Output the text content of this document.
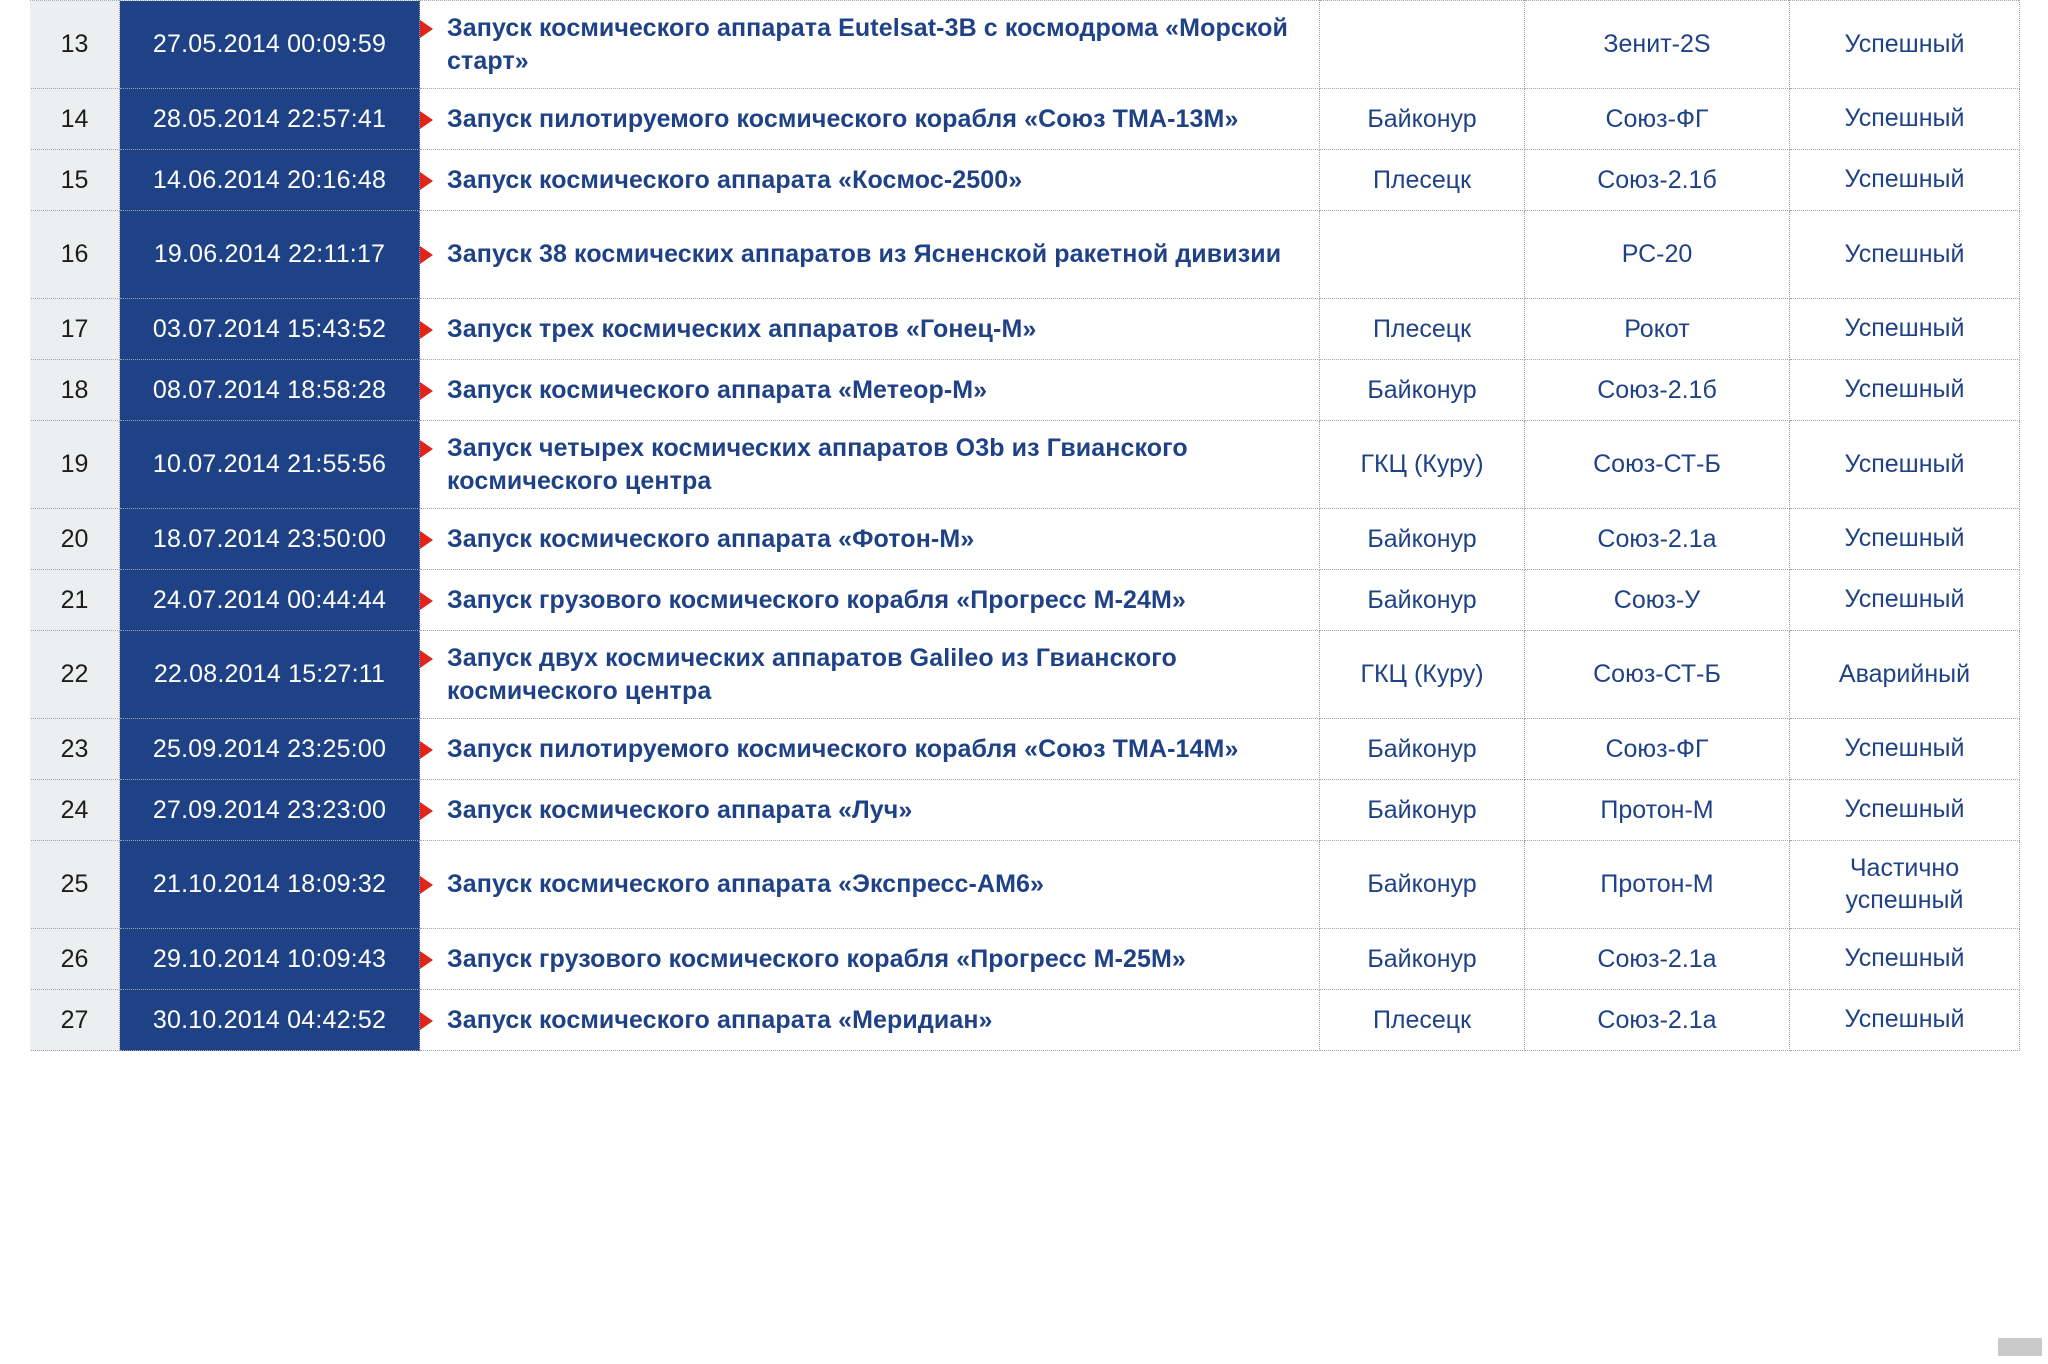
13	27.05.2014 00:09:59	Запуск космического аппарата Eutelsat-3B с космодрома «Морской старт»		Зенит-2S	Успешный

14	28.05.2014 22:57:41	Запуск пилотируемого космического корабля «Союз ТМА-13М»	Байконур	Союз-ФГ	Успешный

15	14.06.2014 20:16:48	Запуск космического аппарата «Космос-2500»	Плесецк	Союз-2.1б	Успешный

16	19.06.2014 22:11:17	Запуск 38 космических аппаратов из Ясненской ракетной дивизии		РС-20	Успешный

17	03.07.2014 15:43:52	Запуск трех космических аппаратов «Гонец-М»	Плесецк	Рокот	Успешный

18	08.07.2014 18:58:28	Запуск космического аппарата «Метеор-М»	Байконур	Союз-2.1б	Успешный

19	10.07.2014 21:55:56	Запуск четырех космических аппаратов O3b из Гвианского космического центра	ГКЦ (Куру)	Союз-СТ-Б	Успешный

20	18.07.2014 23:50:00	Запуск космического аппарата «Фотон-М»	Байконур	Союз-2.1а	Успешный

21	24.07.2014 00:44:44	Запуск грузового космического корабля «Прогресс М-24М»	Байконур	Союз-У	Успешный

22	22.08.2014 15:27:11	Запуск двух космических аппаратов Galileo из Гвианского космического центра	ГКЦ (Куру)	Союз-СТ-Б	Аварийный

23	25.09.2014 23:25:00	Запуск пилотируемого космического корабля «Союз ТМА-14М»	Байконур	Союз-ФГ	Успешный

24	27.09.2014 23:23:00	Запуск космического аппарата «Луч»	Байконур	Протон-М	Успешный

25	21.10.2014 18:09:32	Запуск космического аппарата «Экспресс-АМ6»	Байконур	Протон-М	Частично успешный

26	29.10.2014 10:09:43	Запуск грузового космического корабля «Прогресс М-25М»	Байконур	Союз-2.1а	Успешный

27	30.10.2014 04:42:52	Запуск космического аппарата «Меридиан»	Плесецк	Союз-2.1а	Успешный
